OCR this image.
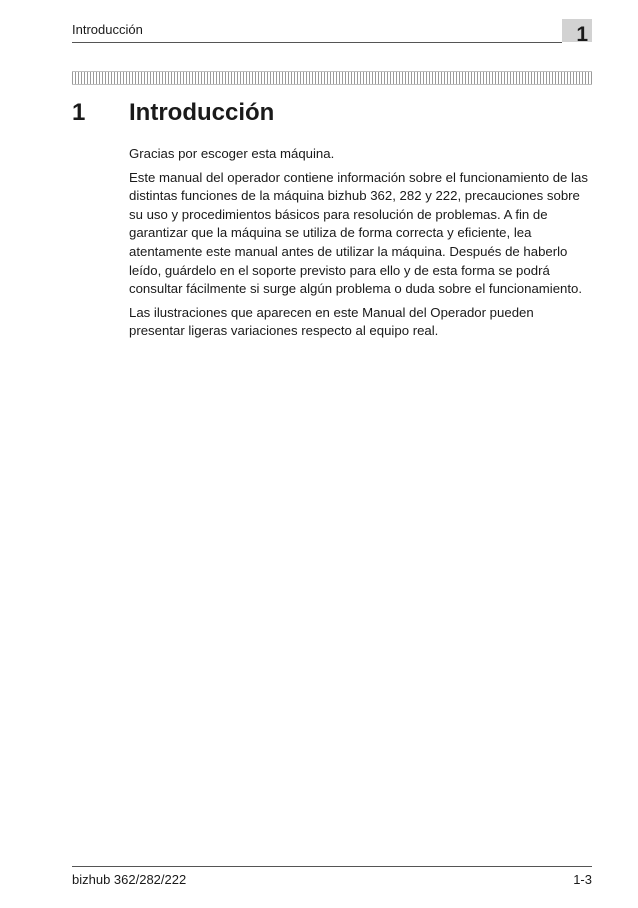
Introducción	1
1 Introducción

Gracias por escoger esta máquina.

Este manual del operador contiene información sobre el funcionamiento de las distintas funciones de la máquina bizhub 362, 282 y 222, precauciones sobre su uso y procedimientos básicos para resolución de problemas. A fin de garantizar que la máquina se utiliza de forma correcta y eficiente, lea atentamente este manual antes de utilizar la máquina. Después de haberlo leído, guárdelo en el soporte previsto para ello y de esta forma se podrá consultar fácilmente si surge algún problema o duda sobre el funcionamiento.

Las ilustraciones que aparecen en este Manual del Operador pueden presentar ligeras variaciones respecto al equipo real.

bizhub 362/282/222	1-3
